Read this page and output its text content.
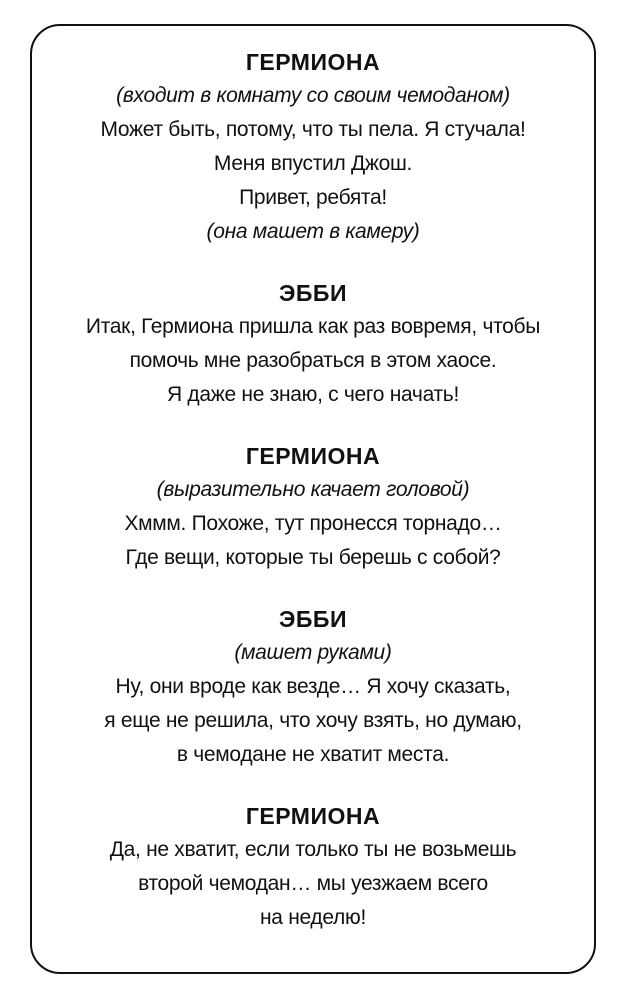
ГЕРМИОНА

(входит в комнату со своим чемоданом)

Может быть, потому, что ты пела. Я стучала!

Меня впустил Джош.

Привет, ребята!

(она машет в камеру)

ЭББИ

Итак, Гермиона пришла как раз вовремя, чтобы

помочь мне разобраться в этом хаосе.

Я даже не знаю, с чего начать!

ГЕРМИОНА

(выразительно качает головой)

Хммм. Похоже, тут пронесся торнадо…

Где вещи, которые ты берешь с собой?

ЭББИ

(машет руками)

Ну, они вроде как везде… Я хочу сказать,

я еще не решила, что хочу взять, но думаю,

в чемодане не хватит места.

ГЕРМИОНА

Да, не хватит, если только ты не возьмешь

второй чемодан… мы уезжаем всего

на неделю!
